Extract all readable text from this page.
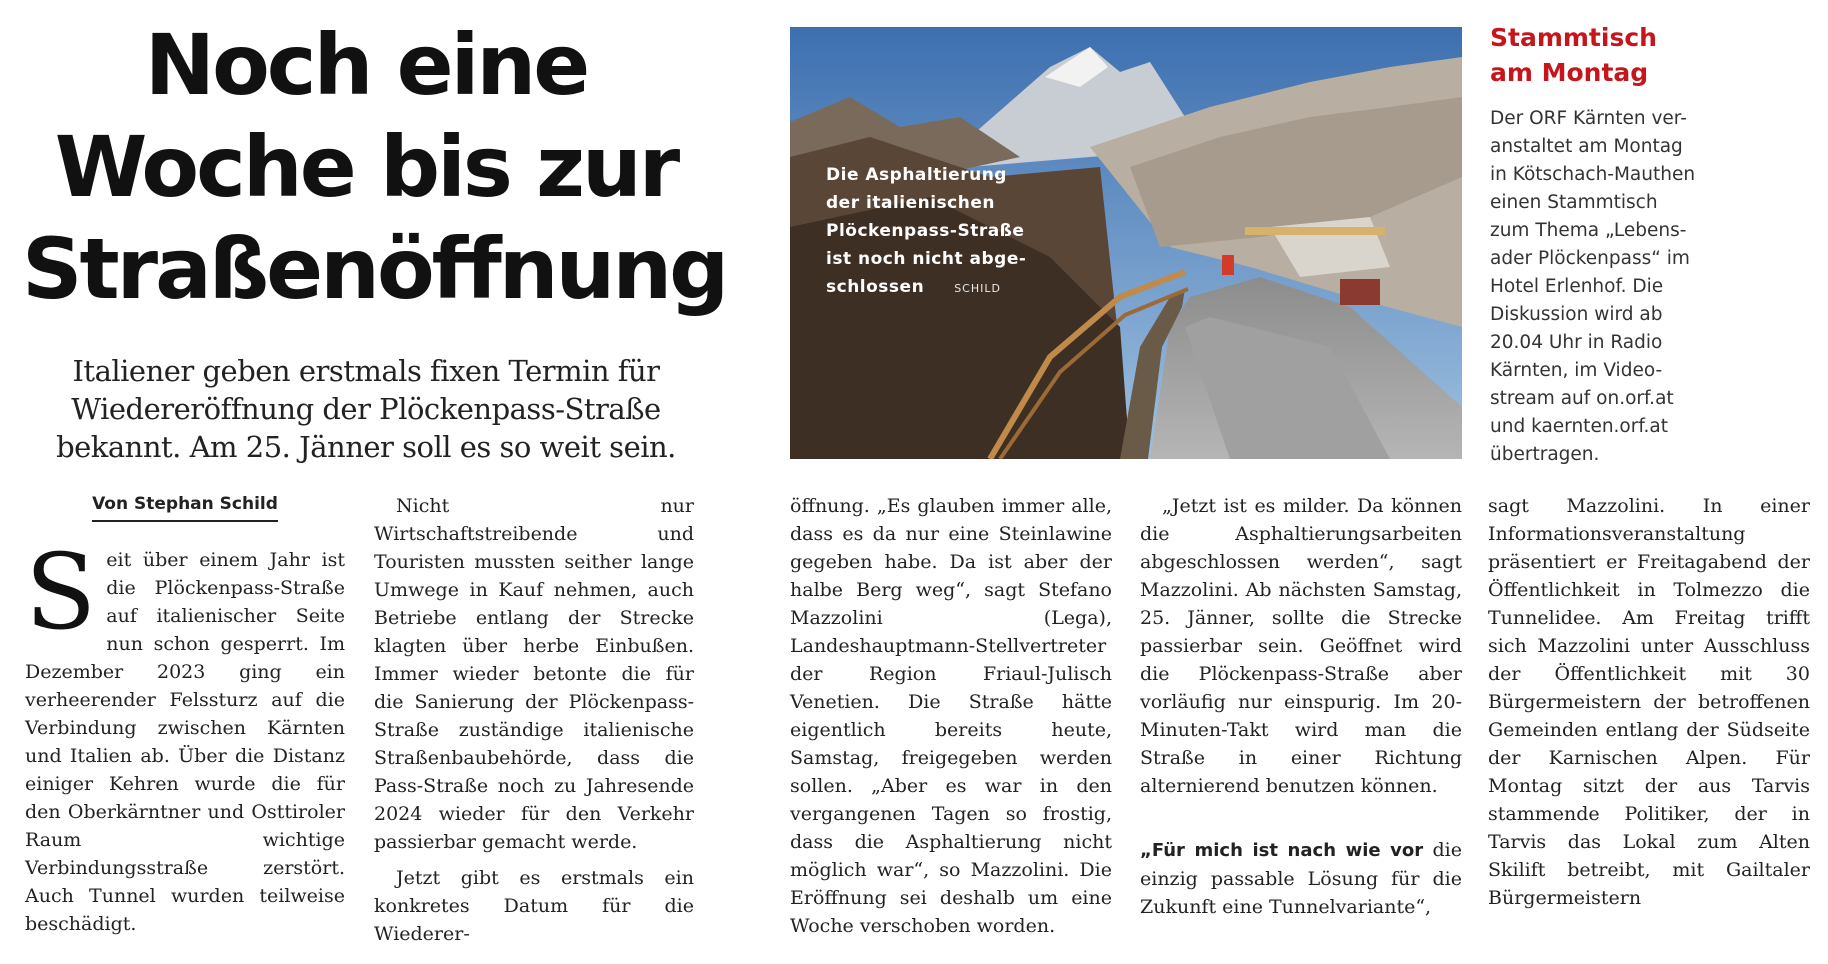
Noch eine
Woche bis zur
Straßenöffnung
Italiener geben erstmals fixen Termin für
Wiedereröffnung der Plöckenpass-Straße
bekannt. Am 25. Jänner soll es so weit sein.
Von Stephan Schild
S eit über einem Jahr ist die Plöckenpass-Straße auf italienischer Seite nun schon gesperrt. Im Dezember 2023 ging ein verheerender Felssturz auf die Verbindung zwischen Kärnten und Italien ab. Über die Distanz einiger Kehren wurde die für den Oberkärntner und Osttiroler Raum wichtige Verbindungsstraße zerstört. Auch Tunnel wurden teilweise beschädigt.

Nicht nur Wirtschaftstreibende und Touristen mussten seither lange Umwege in Kauf nehmen, auch Betriebe entlang der Strecke klagten über herbe Einbußen. Immer wieder betonte die für die Sanierung der Plöckenpass-Straße zuständige italienische Straßenbaubehörde, dass die Pass-Straße noch zu Jahresende 2024 wieder für den Verkehr passierbar gemacht werde.

Jetzt gibt es erstmals ein konkretes Datum für die Wiederer-

öffnung. „Es glauben immer alle, dass es da nur eine Steinlawine gegeben habe. Da ist aber der halbe Berg weg“, sagt Stefano Mazzolini (Lega), Landeshauptmann-Stellvertreter der Region Friaul-Julisch Venetien. Die Straße hätte eigentlich bereits heute, Samstag, freigegeben werden sollen. „Aber es war in den vergangenen Tagen so frostig, dass die Asphaltierung nicht möglich war“, so Mazzolini. Die Eröffnung sei deshalb um eine Woche verschoben worden.

„Jetzt ist es milder. Da können die Asphaltierungsarbeiten abgeschlossen werden“, sagt Mazzolini. Ab nächsten Samstag, 25. Jänner, sollte die Strecke passierbar sein. Geöffnet wird die Plöckenpass-Straße aber vorläufig nur einspurig. Im 20-Minuten-Takt wird man die Straße in einer Richtung alternierend benutzen können.

„Für mich ist nach wie vor die einzig passable Lösung für die Zukunft eine Tunnelvariante“,

sagt Mazzolini. In einer Informationsveranstaltung präsentiert er Freitagabend der Öffentlichkeit in Tolmezzo die Tunnelidee. Am Freitag trifft sich Mazzolini unter Ausschluss der Öffentlichkeit mit 30 Bürgermeistern der betroffenen Gemeinden entlang der Südseite der Karnischen Alpen. Für Montag sitzt der aus Tarvis stammende Politiker, der in Tarvis das Lokal zum Alten Skilift betreibt, mit Gailtaler Bürgermeistern

Die Asphaltierung
der italienischen
Plöckenpass-Straße
ist noch nicht abge-
schlossen	SCHILD
Stammtisch
am Montag
Der ORF Kärnten ver-
anstaltet am Montag
in Kötschach-Mauthen
einen Stammtisch
zum Thema „Lebens-
ader Plöckenpass“ im
Hotel Erlenhof. Die
Diskussion wird ab
20.04 Uhr in Radio
Kärnten, im Video-
stream auf on.orf.at
und kaernten.orf.at
übertragen.
